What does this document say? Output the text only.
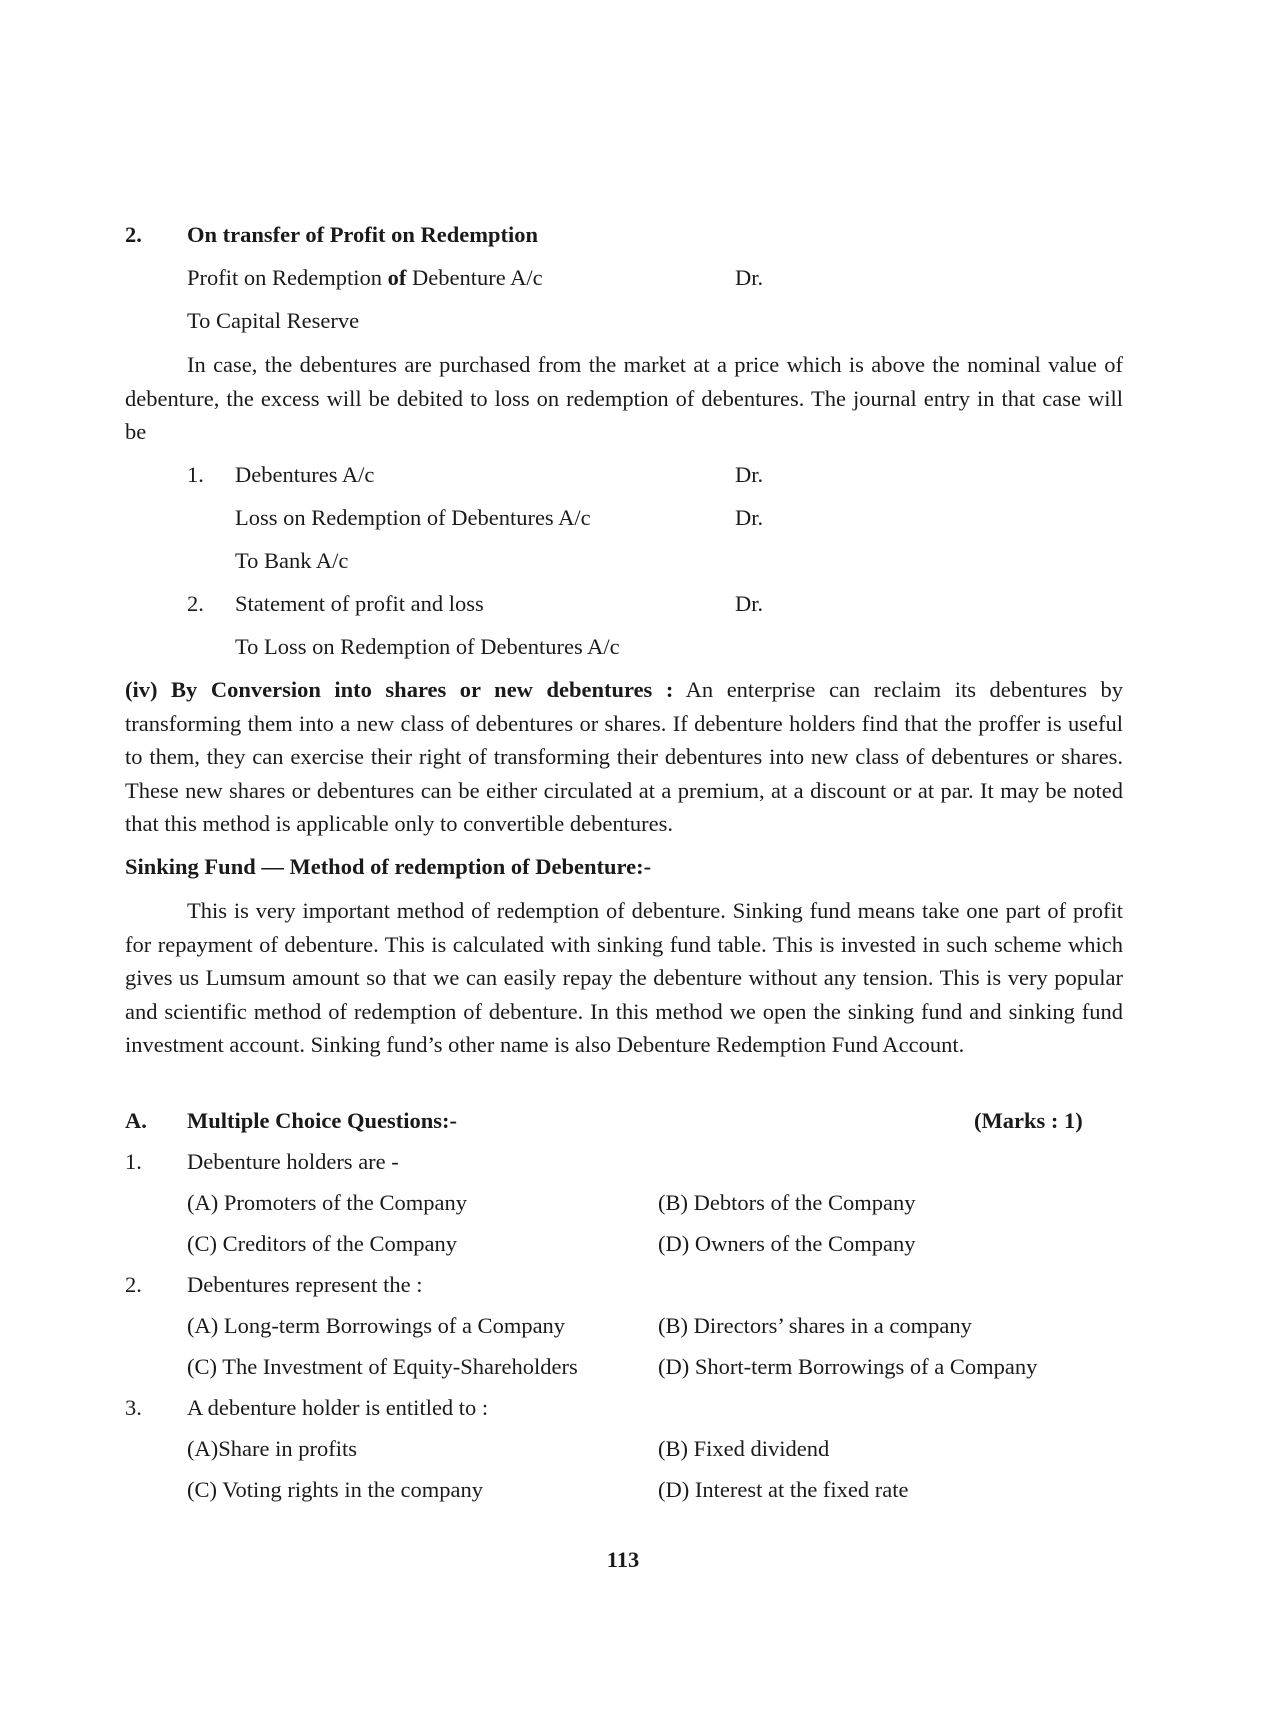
2. On transfer of Profit on Redemption
Profit on Redemption of Debenture A/c	Dr.
To Capital Reserve
In case, the debentures are purchased from the market at a price which is above the nominal value of debenture, the excess will be debited to loss on redemption of debentures. The journal entry in that case will be
1. Debentures A/c	Dr.
Loss on Redemption of Debentures A/c	Dr.
To Bank A/c
2. Statement of profit and loss	Dr.
To Loss on Redemption of Debentures A/c
(iv) By Conversion into shares or new debentures : An enterprise can reclaim its debentures by transforming them into a new class of debentures or shares. If debenture holders find that the proffer is useful to them, they can exercise their right of transforming their debentures into new class of debentures or shares. These new shares or debentures can be either circulated at a premium, at a discount or at par. It may be noted that this method is applicable only to convertible debentures.
Sinking Fund — Method of redemption of Debenture:-
This is very important method of redemption of debenture. Sinking fund means take one part of profit for repayment of debenture. This is calculated with sinking fund table. This is invested in such scheme which gives us Lumsum amount so that we can easily repay the debenture without any tension. This is very popular and scientific method of redemption of debenture. In this method we open the sinking fund and sinking fund investment account. Sinking fund’s other name is also Debenture Redemption Fund Account.
A. Multiple Choice Questions:-	(Marks : 1)
1. Debenture holders are -
(A) Promoters of the Company	(B) Debtors of the Company
(C) Creditors of the Company	(D) Owners of the Company
2. Debentures represent the :
(A) Long-term Borrowings of a Company	(B) Directors’ shares in a company
(C) The Investment of Equity-Shareholders	(D) Short-term Borrowings of a Company
3. A debenture holder is entitled to :
(A)Share in profits	(B) Fixed dividend
(C) Voting rights in the company	(D) Interest at the fixed rate
113
